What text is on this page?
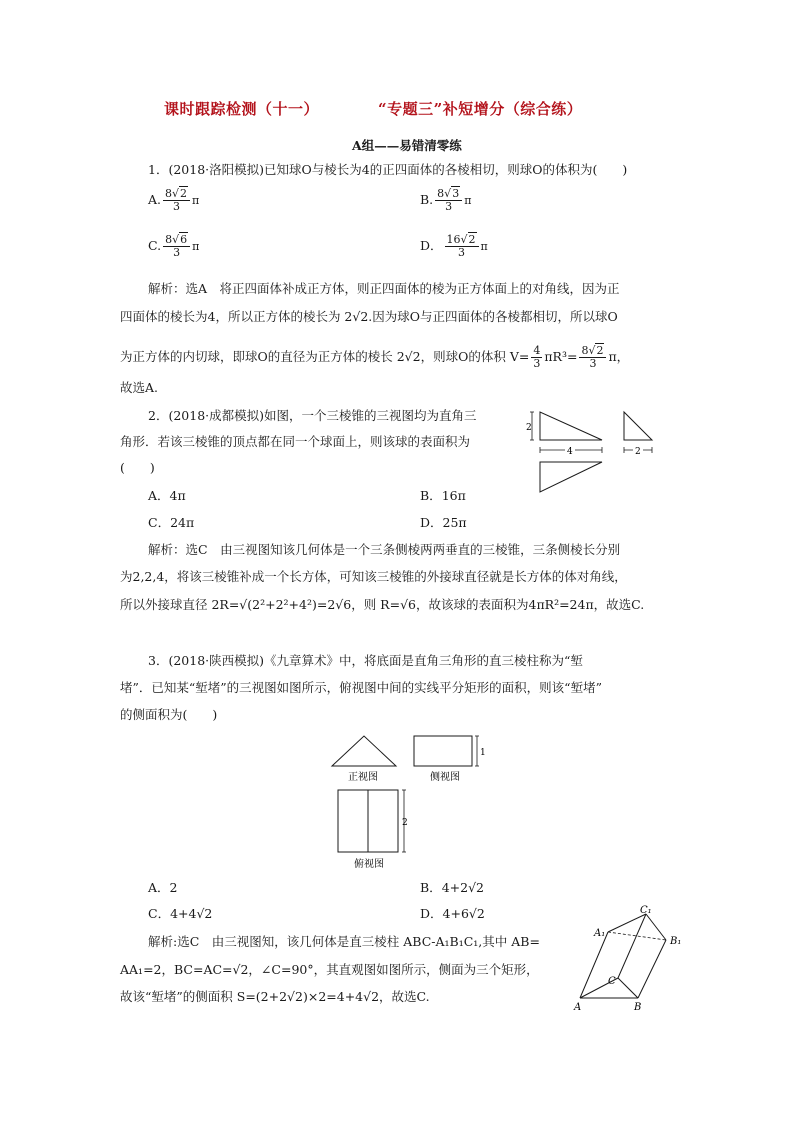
课时跟踪检测（十一）	“专题三”补短增分（综合练）
A组——易错清零练
1．(2018·洛阳模拟)已知球O与棱长为4的正四面体的各棱相切，则球O的体积为(　　)
A. $\frac{8√2}{3}$ π	B. $\frac{8√3}{3}$ π
C. $\frac{8√6}{3}$ π	D． $\frac{16√2}{3}$ π
解析：选A　将正四面体补成正方体，则正四面体的棱为正方体面上的对角线，因为正
四面体的棱长为4，所以正方体的棱长为 2√2.因为球O与正四面体的各棱都相切，所以球O
为正方体的内切球，即球O的直径为正方体的棱长 2√2，则球O的体积 $V= \frac{4}{3} \pi R^3= \frac{8√2}{3}$ π，
故选A.
2．(2018·成都模拟)如图，一个三棱锥的三视图均为直角三
角形．若该三棱锥的顶点都在同一个球面上，则该球的表面积为
(　　)
2
4	2
A．4π	B．16π
C．24π	D．25π
解析：选C　由三视图知该几何体是一个三条侧棱两两垂直的三棱锥，三条侧棱长分别
为2,2,4，将该三棱锥补成一个长方体，可知该三棱锥的外接球直径就是长方体的体对角线，
所以外接球直径 2R=√(2²+2²+4²)=2√6，则 R=√6，故该球的表面积为4πR²=24π，故选C.
3．(2018·陕西模拟)《九章算术》中，将底面是直角三角形的直三棱柱称为“堑
堵”．已知某“堑堵”的三视图如图所示，俯视图中间的实线平分矩形的面积，则该“堑堵”
的侧面积为(　　)
正视图
1
侧视图
2
俯视图
A．2	B．4+2√2
C．4+4√2	D．4+6√2
解析:选C　由三视图知，该几何体是直三棱柱 ABC-A₁B₁C₁,其中 AB=
AA₁=2，BC=AC=√2，∠C=90°，其直观图如图所示，侧面为三个矩形，
故该“堑堵”的侧面积 S=(2+2√2)×2=4+4√2，故选C.
C₁
A₁
B₁
C
A	B
